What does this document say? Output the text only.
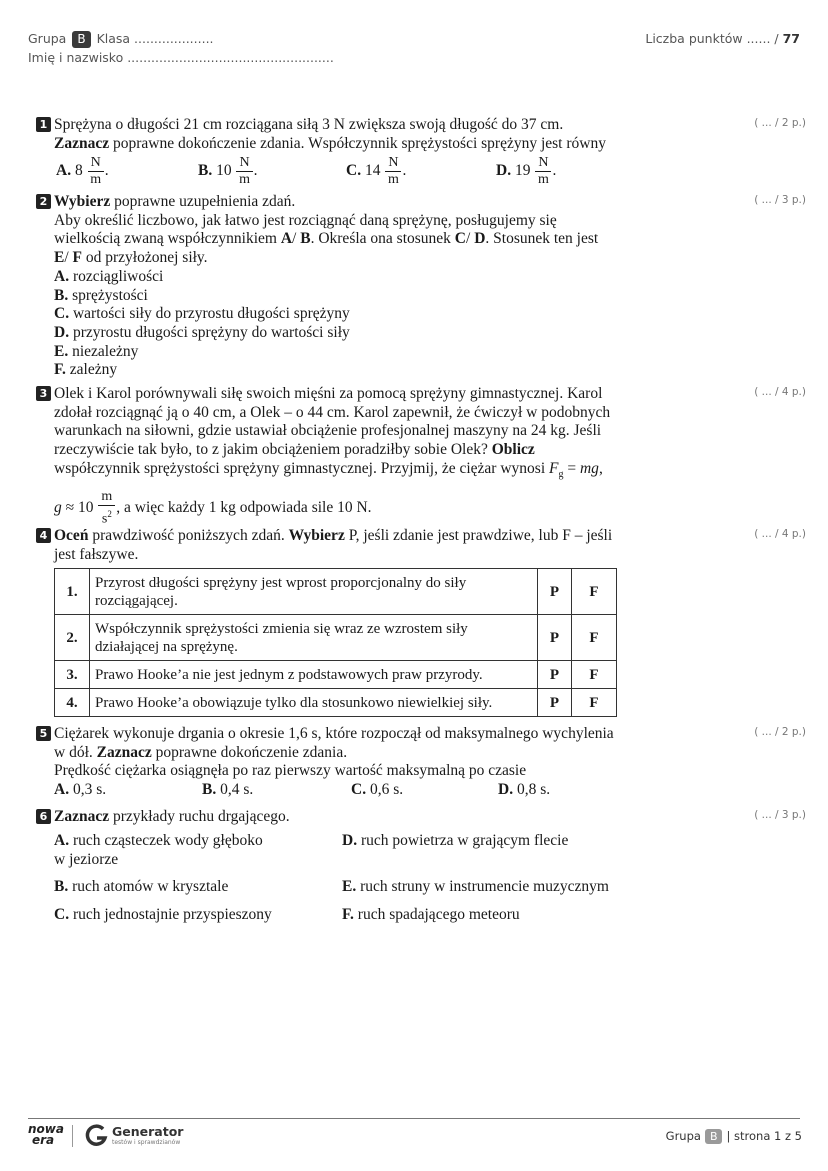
Grupa B Klasa ....................
Imię i nazwisko ....................................................
Liczba punktów ...... / 77
1 Sprężyna o długości 21 cm rozciągana siłą 3 N zwiększa swoją długość do 37 cm.
Zaznacz poprawne dokończenie zdania. Współczynnik sprężystości sprężyny jest równy
A. $8 \frac{N}{m}$ .	B. $10 \frac{N}{m}$ .	C. $14 \frac{N}{m}$ .	D. $19 \frac{N}{m}$ .
( ... / 2 p.)
2 Wybierz poprawne uzupełnienia zdań.
Aby określić liczbowo, jak łatwo jest rozciągnąć daną sprężynę, posługujemy się
wielkością zwaną współczynnikiem A/ B. Określa ona stosunek C/ D. Stosunek ten jest
E/ F od przyłożonej siły.
A. rozciągliwości
B. sprężystości
C. wartości siły do przyrostu długości sprężyny
D. przyrostu długości sprężyny do wartości siły
E. niezależny
F. zależny
( ... / 3 p.)
3 Olek i Karol porównywali siłę swoich mięśni za pomocą sprężyny gimnastycznej. Karol
zdołał rozciągnąć ją o 40 cm, a Olek – o 44 cm. Karol zapewnił, że ćwiczył w podobnych
warunkach na siłowni, gdzie ustawiał obciążenie profesjonalnej maszyny na 24 kg. Jeśli
rzeczywiście tak było, to z jakim obciążeniem poradziłby sobie Olek? Oblicz
współczynnik sprężystości sprężyny gimnastycznej. Przyjmij, że ciężar wynosi $F_g$ = mg,
$g \approx 10 \frac{m}{s^2}$ , a więc każdy 1 kg odpowiada sile 10 N.
( ... / 4 p.)
4 Oceń prawdziwość poniższych zdań. Wybierz P, jeśli zdanie jest prawdziwe, lub F – jeśli
jest fałszywe.
( ... / 4 p.)
1.	Przyrost długości sprężyny jest wprost proporcjonalny do siły rozciągającej.	P	F
2.	Współczynnik sprężystości zmienia się wraz ze wzrostem siły działającej na sprężynę.	P	F
3.	Prawo Hooke’a nie jest jednym z podstawowych praw przyrody.	P	F
4.	Prawo Hooke’a obowiązuje tylko dla stosunkowo niewielkiej siły.	P	F
5 Ciężarek wykonuje drgania o okresie 1,6 s, które rozpoczął od maksymalnego wychylenia
w dół. Zaznacz poprawne dokończenie zdania.
Prędkość ciężarka osiągnęła po raz pierwszy wartość maksymalną po czasie
A. 0,3 s.	B. 0,4 s.	C. 0,6 s.	D. 0,8 s.
( ... / 2 p.)
6 Zaznacz przykłady ruchu drgającego.	( ... / 3 p.)
A. ruch cząsteczek wody głęboko w jeziorze
B. ruch atomów w krysztale
C. ruch jednostajnie przyspieszony
D. ruch powietrza w grającym flecie
E. ruch struny w instrumencie muzycznym
F. ruch spadającego meteoru
nowa
era
Generator
testów i sprawdzianów	Grupa B | strona 1 z 5
